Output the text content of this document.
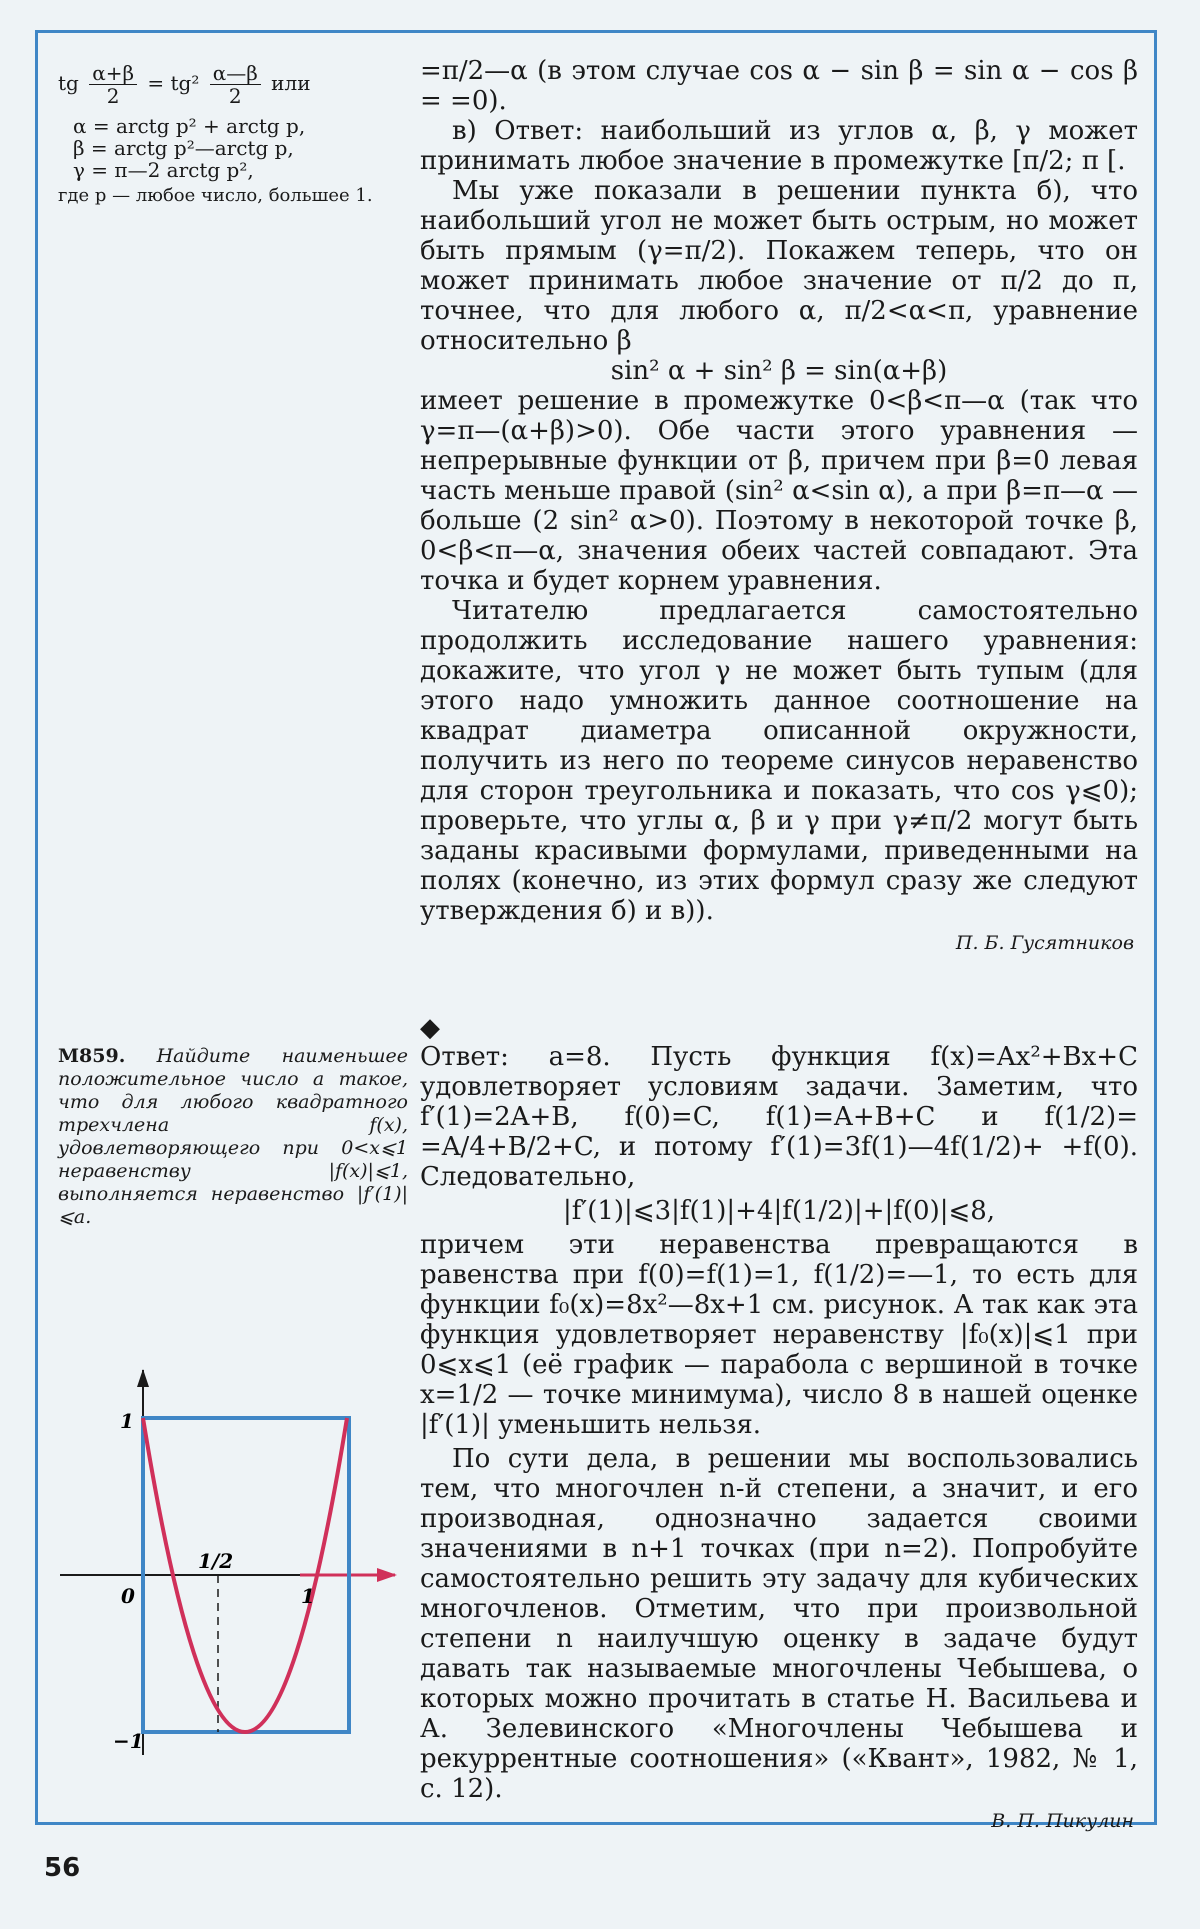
tg $\frac{\alpha+\beta}{2} = tg^2 \frac{\alpha—\beta}{2}$ или
α = arctg p² + arctg p,
β = arctg p²—arctg p,
γ = π—2 arctg p²,
где p — любое число, большее 1.

=π/2—α (в этом случае cos α − sin β = sin α − cos β = =0).

в) Ответ: наибольший из углов α, β, γ может принимать любое значение в промежутке [π/2; π [.

Мы уже показали в решении пункта б), что наибольший угол не может быть острым, но может быть прямым (γ=π/2). Покажем теперь, что он может принимать любое значение от π/2 до π, точнее, что для любого α, π/2<α<π, уравнение относительно β

sin² α + sin² β = sin(α+β)

имеет решение в промежутке 0<β<π—α (так что γ=π—(α+β)>0). Обе части этого уравнения — непрерывные функции от β, причем при β=0 левая часть меньше правой (sin² α<sin α), а при β=π—α — больше (2 sin² α>0). Поэтому в некоторой точке β, 0<β<π—α, значения обеих частей совпадают. Эта точка и будет корнем уравнения.

Читателю предлагается самостоятельно продолжить исследование нашего уравнения: докажите, что угол γ не может быть тупым (для этого надо умножить данное соотношение на квадрат диаметра описанной окружности, получить из него по теореме синусов неравенство для сторон треугольника и показать, что cos γ⩽0); проверьте, что углы α, β и γ при γ≠π/2 могут быть заданы красивыми формулами, приведенными на полях (конечно, из этих формул сразу же следуют утверждения б) и в)).

П. Б. Гусятников
◆
M859. Найдите наименьшее положительное число a такое, что для любого квадратного трехчлена f(x), удовлетворяющего при 0<x⩽1 неравенству |f(x)|⩽1, выполняется неравенство |f′(1)|⩽a.

Ответ: a=8. Пусть функция f(x)=Ax²+Bx+C удовлетворяет условиям задачи. Заметим, что f′(1)=2A+B, f(0)=C, f(1)=A+B+C и f(1/2)= =A/4+B/2+C, и потому f′(1)=3f(1)—4f(1/2)+ +f(0). Следовательно,

|f′(1)|⩽3|f(1)|+4|f(1/2)|+|f(0)|⩽8,

причем эти неравенства превращаются в равенства при f(0)=f(1)=1, f(1/2)=—1, то есть для функции f₀(x)=8x²—8x+1 см. рисунок. А так как эта функция удовлетворяет неравенству |f₀(x)|⩽1 при 0⩽x⩽1 (её график — парабола с вершиной в точке x=1/2 — точке минимума), число 8 в нашей оценке |f′(1)| уменьшить нельзя.

По сути дела, в решении мы воспользовались тем, что многочлен n-й степени, а значит, и его производная, однозначно задается своими значениями в n+1 точках (при n=2). Попробуйте самостоятельно решить эту задачу для кубических многочленов. Отметим, что при произвольной степени n наилучшую оценку в задаче будут давать так называемые многочлены Чебышева, о которых можно прочитать в статье Н. Васильева и А. Зелевинского «Многочлены Чебышева и рекуррентные соотношения» («Квант», 1982, № 1, с. 12).

В. П. Пикулин
1
1/2
0	1
−1
56
